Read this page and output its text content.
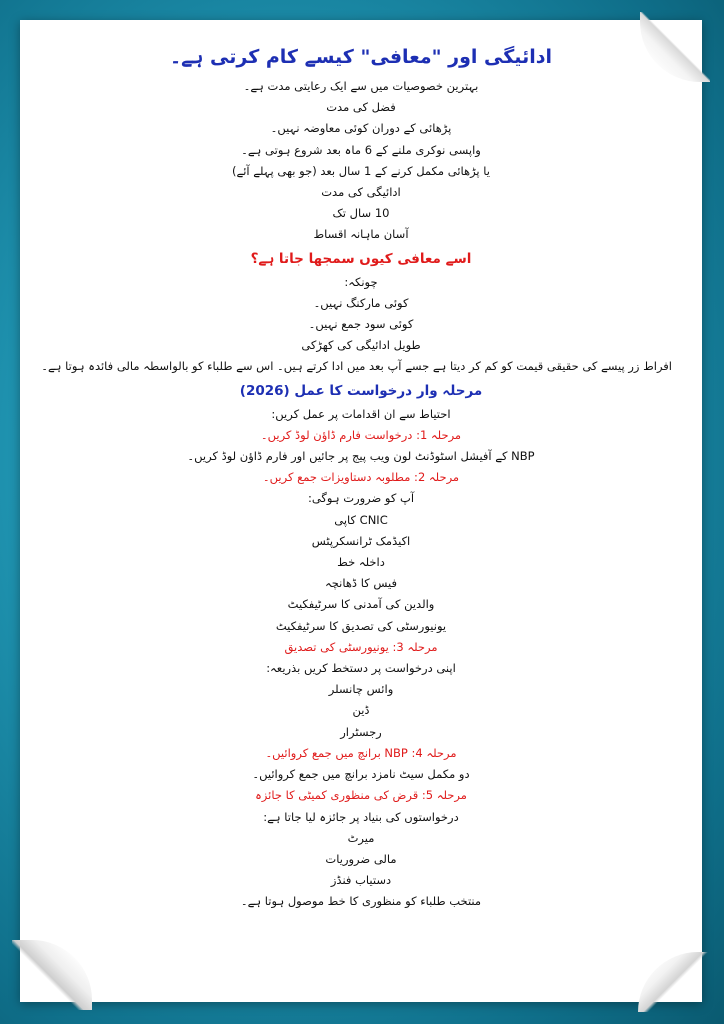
ادائیگی اور "معافی" کیسے کام کرتی ہے۔
بہترین خصوصیات میں سے ایک رعایتی مدت ہے۔
فضل کی مدت
پڑھائی کے دوران کوئی معاوضہ نہیں۔
واپسی نوکری ملنے کے 6 ماہ بعد شروع ہوتی ہے۔
یا پڑھائی مکمل کرنے کے 1 سال بعد (جو بھی پہلے آئے)
ادائیگی کی مدت
10 سال تک
آسان ماہانہ اقساط
اسے معافی کیوں سمجھا جاتا ہے؟
چونکہ:
کوئی مارکنگ نہیں۔
کوئی سود جمع نہیں۔
طویل ادائیگی کی کھڑکی
افراط زر پیسے کی حقیقی قیمت کو کم کر دیتا ہے جسے آپ بعد میں ادا کرتے ہیں۔ اس سے طلباء کو بالواسطہ مالی فائدہ ہوتا ہے۔
مرحلہ وار درخواست کا عمل (2026)
احتیاط سے ان اقدامات پر عمل کریں:
مرحلہ 1: درخواست فارم ڈاؤن لوڈ کریں۔
NBP کے آفیشل اسٹوڈنٹ لون ویب پیج پر جائیں اور فارم ڈاؤن لوڈ کریں۔
مرحلہ 2: مطلوبہ دستاویزات جمع کریں۔
آپ کو ضرورت ہوگی:
CNIC کاپی
اکیڈمک ٹرانسکرپٹس
داخلہ خط
فیس کا ڈھانچہ
والدین کی آمدنی کا سرٹیفکیٹ
یونیورسٹی کی تصدیق کا سرٹیفکیٹ
مرحلہ 3: یونیورسٹی کی تصدیق
اپنی درخواست پر دستخط کریں بذریعہ:
وائس چانسلر
ڈین
رجسٹرار
مرحلہ 4: NBP برانچ میں جمع کروائیں۔
دو مکمل سیٹ نامزد برانچ میں جمع کروائیں۔
مرحلہ 5: قرض کی منظوری کمیٹی کا جائزہ
درخواستوں کی بنیاد پر جائزہ لیا جاتا ہے:
میرٹ
مالی ضروریات
دستیاب فنڈز
منتخب طلباء کو منظوری کا خط موصول ہوتا ہے۔
